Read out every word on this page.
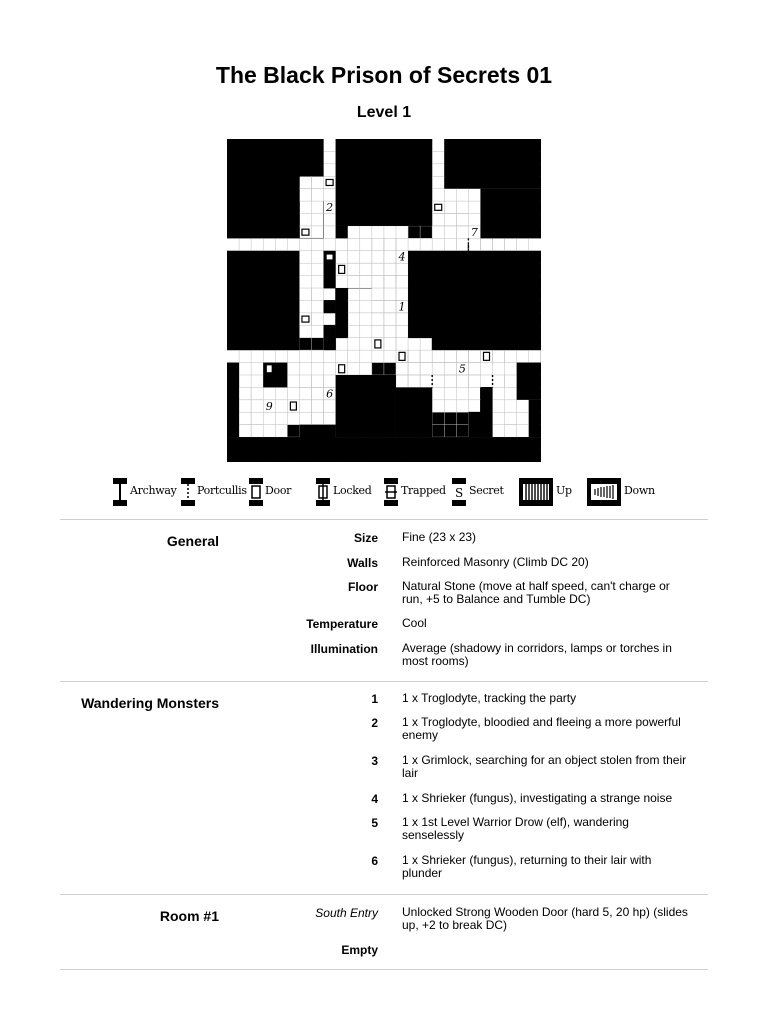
The Black Prison of Secrets 01
Level 1
2
7
4
8
1
5
6
9
3
S
Archway Portcullis Door	Locked	Trapped Secret	Up	Down
General	Size Fine (23 x 23)
Walls Reinforced Masonry (Climb DC 20)
Floor Natural Stone (move at half speed, can't charge or run, +5 to Balance and Tumble DC)
Temperature Cool
Illumination Average (shadowy in corridors, lamps or torches in most rooms)
Wandering Monsters	1 1 x Troglodyte, tracking the party
2 1 x Troglodyte, bloodied and fleeing a more powerful enemy
3 1 x Grimlock, searching for an object stolen from their lair
4 1 x Shrieker (fungus), investigating a strange noise
5 1 x 1st Level Warrior Drow (elf), wandering senselessly
6 1 x Shrieker (fungus), returning to their lair with plunder
Room #1	South Entry Unlocked Strong Wooden Door (hard 5, 20 hp) (slides up, +2 to break DC)
Empty
